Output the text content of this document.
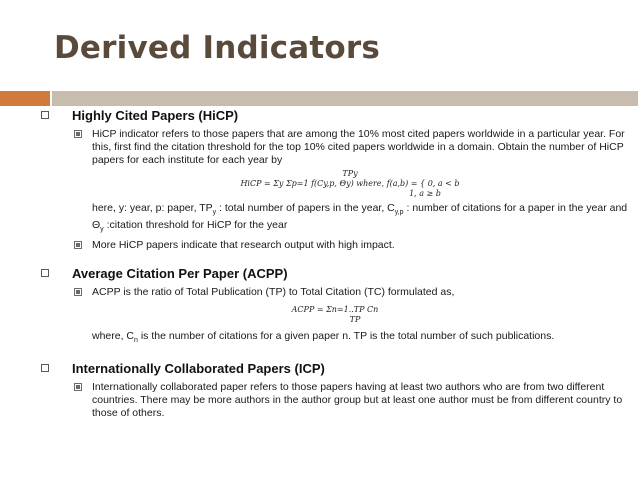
Derived Indicators
Highly Cited Papers (HiCP)
HiCP indicator refers to those papers that are among the 10% most cited papers worldwide in a particular year. For this, first find the citation threshold for the top 10% cited papers worldwide in a domain. Obtain the number of HiCP papers for each institute for each year by
TPy
HiCP = Σy Σp=1 f(Cy,p, Θy) where, f(a,b) = { 0, a < b
1, a ≥ b
here, y: year, p: paper, $TP_y$ : total number of papers in the year, $C_{y,p}$ : number of citations for a paper in the year and $\Theta_y$ :citation threshold for HiCP for the year
More HiCP papers indicate that research output with high impact.
Average Citation Per Paper (ACPP)
ACPP is the ratio of Total Publication (TP) to Total Citation (TC) formulated as,
ACPP = Σn=1..TP Cn
TP
where, $C_n$ is the number of citations for a given paper n. TP is the total number of such publications.
Internationally Collaborated Papers (ICP)
Internationally collaborated paper refers to those papers having at least two authors who are from two different countries. There may be more authors in the author group but at least one author must be from different country to those of others.
